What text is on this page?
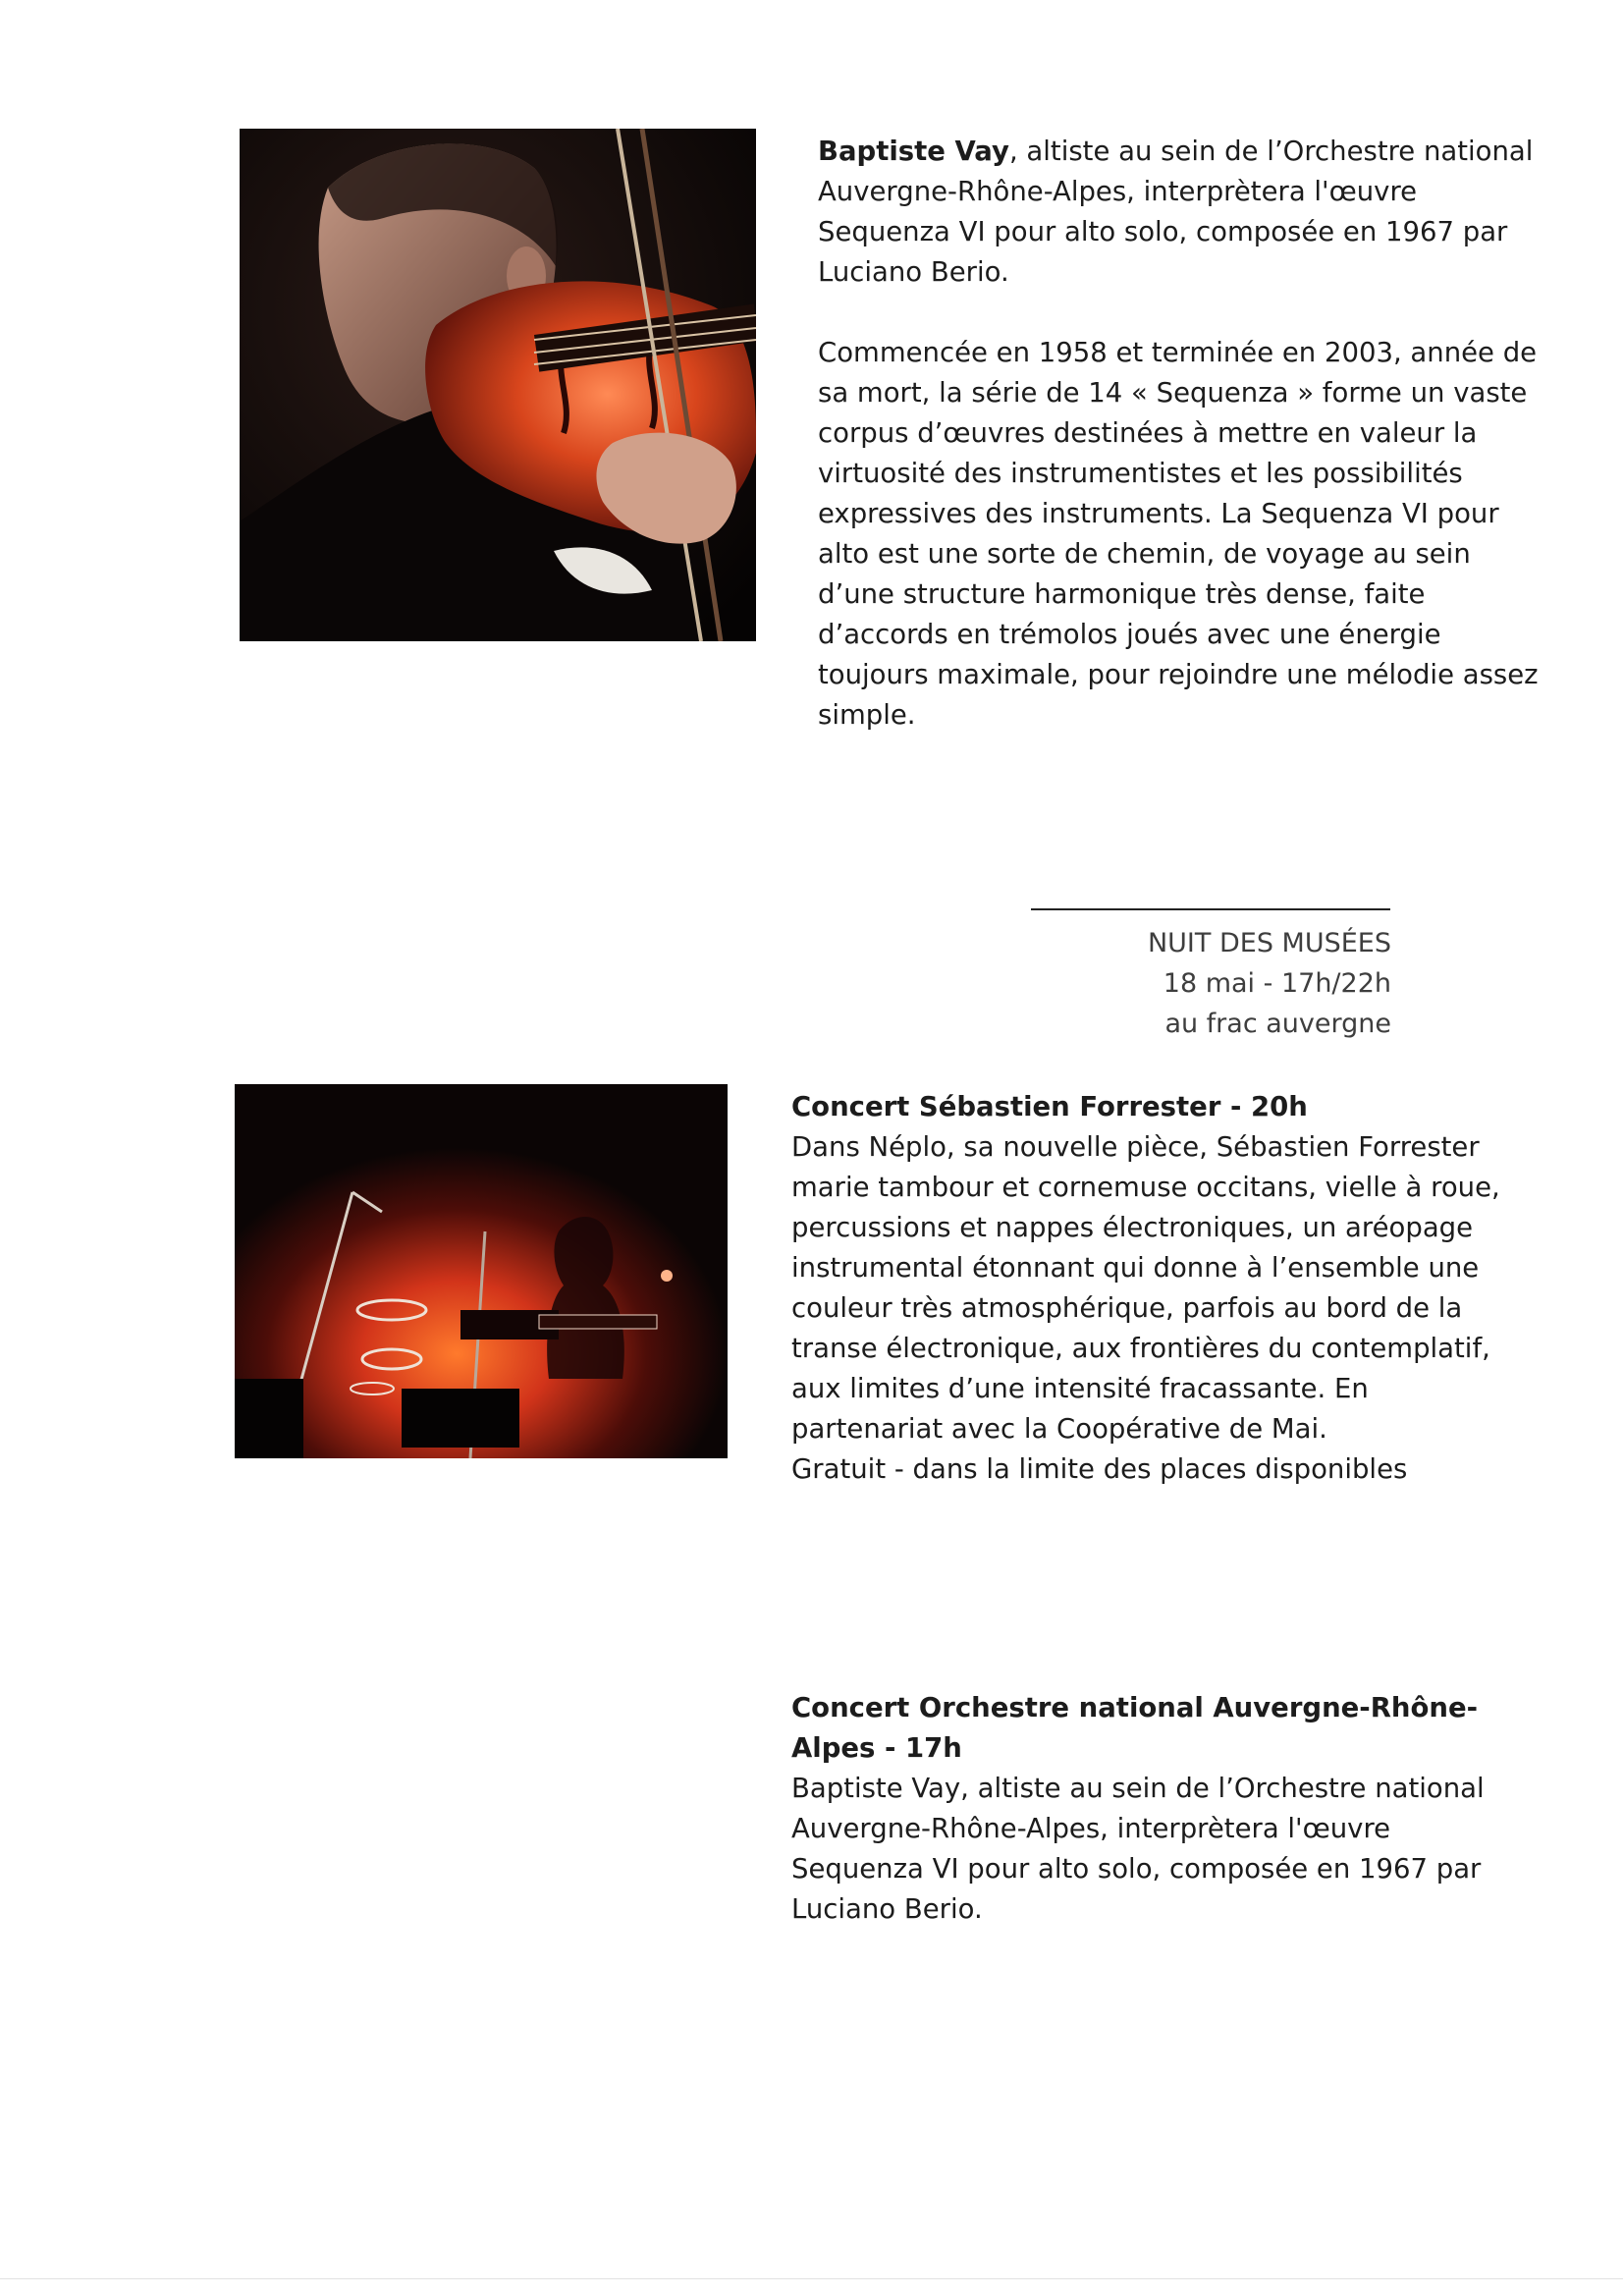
Baptiste Vay, altiste au sein de l’Orchestre national Auvergne-Rhône-Alpes, interprètera l'œuvre Sequenza VI pour alto solo, composée en 1967 par Luciano Berio.

Commencée en 1958 et terminée en 2003, année de sa mort, la série de 14 « Sequenza » forme un vaste corpus d’œuvres destinées à mettre en valeur la virtuosité des instrumentistes et les possibilités expressives des instruments. La Sequenza VI pour alto est une sorte de chemin, de voyage au sein d’une structure harmonique très dense, faite d’accords en trémolos joués avec une énergie toujours maximale, pour rejoindre une mélodie assez simple.

NUIT DES MUSÉES
18 mai - 17h/22h
au frac auvergne

Concert Sébastien Forrester - 20h

Dans Néplo, sa nouvelle pièce, Sébastien Forrester marie tambour et cornemuse occitans, vielle à roue, percussions et nappes électroniques, un aréopage instrumental étonnant qui donne à l’ensemble une couleur très atmosphérique, parfois au bord de la transe électronique, aux frontières du contemplatif, aux limites d’une intensité fracassante. En partenariat avec la Coopérative de Mai.

Gratuit - dans la limite des places disponibles

Concert Orchestre national Auvergne-Rhône-Alpes - 17h

Baptiste Vay, altiste au sein de l’Orchestre national Auvergne-Rhône-Alpes, interprètera l'œuvre Sequenza VI pour alto solo, composée en 1967 par Luciano Berio.
